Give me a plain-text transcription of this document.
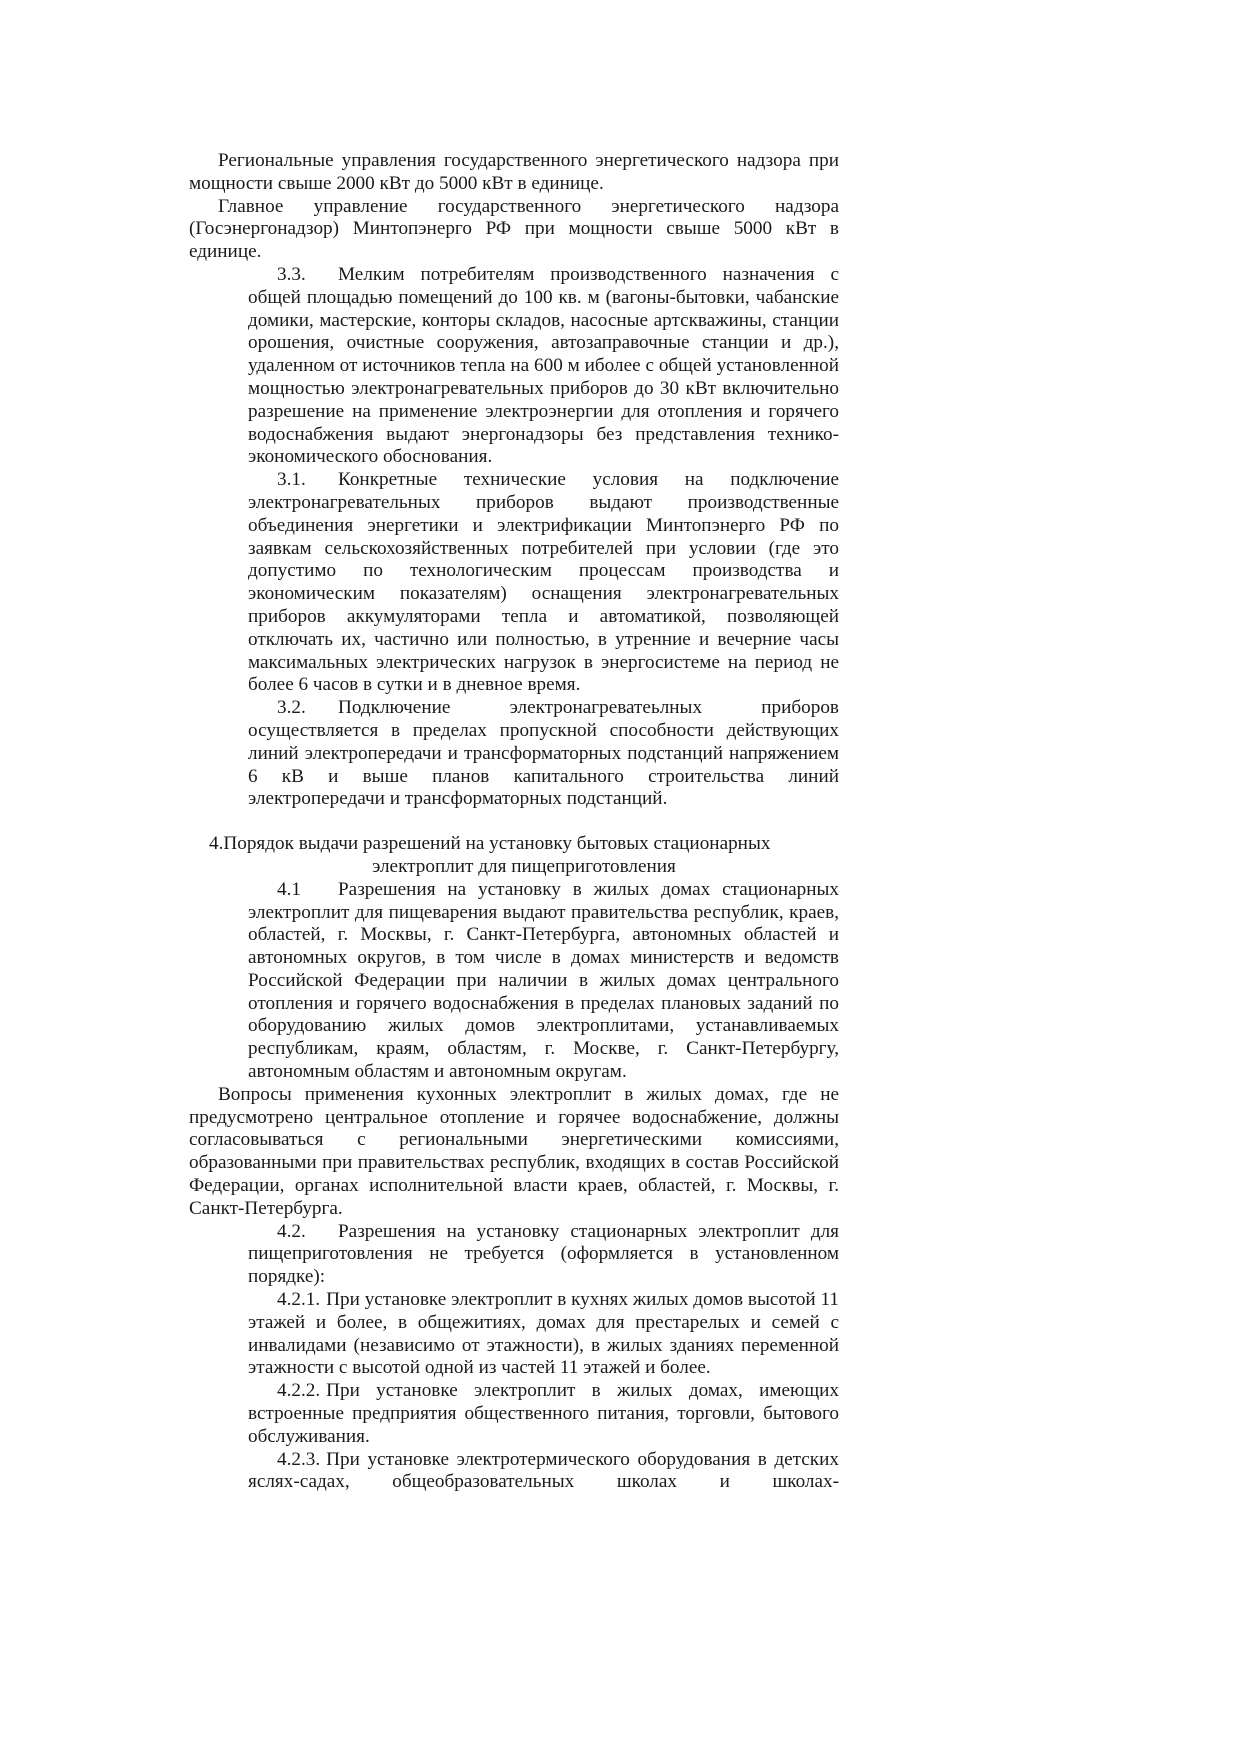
Региональные управления государственного энергетического надзора при мощности свыше 2000 кВт до 5000 кВт в единице.

Главное управление государственного энергетического надзора (Госэнергонадзор) Минтопэнерго РФ при мощности свыше 5000 кВт в единице.

3.3. Мелким потребителям производственного назначения с общей площадью помещений до 100 кв. м (вагоны-бытовки, чабанские домики, мастерские, конторы складов, насосные артскважины, станции орошения, очистные сооружения, автозаправочные станции и др.), удаленном от источников тепла на 600 м иболее с общей установленной мощностью электронагревательных приборов до 30 кВт включительно разрешение на применение электроэнергии для отопления и горячего водоснабжения выдают энергонадзоры без представления технико-экономического обоснования.

3.1. Конкретные технические условия на подключение электронагревательных приборов выдают производственные объединения энергетики и электрификации Минтопэнерго РФ по заявкам сельскохозяйственных потребителей при условии (где это допустимо по технологическим процессам производства и экономическим показателям) оснащения электронагревательных приборов аккумуляторами тепла и автоматикой, позволяющей отключать их, частично или полностью, в утренние и вечерние часы максимальных электрических нагрузок в энергосистеме на период не более 6 часов в сутки и в дневное время.

3.2. Подключение электронагреватеьлных приборов осуществляется в пределах пропускной способности действующих линий электропередачи и трансформаторных подстанций напряжением 6 кВ и выше планов капитального строительства линий электропередачи и трансформаторных подстанций.

4.Порядок выдачи разрешений на установку бытовых стационарных
электроплит для пищеприготовления

4.1 Разрешения на установку в жилых домах стационарных электроплит для пищеварения выдают правительства республик, краев, областей, г. Москвы, г. Санкт-Петербурга, автономных областей и автономных округов, в том числе в домах министерств и ведомств Российской Федерации при наличии в жилых домах центрального отопления и горячего водоснабжения в пределах плановых заданий по оборудованию жилых домов электроплитами, устанавливаемых республикам, краям, областям, г. Москве, г. Санкт-Петербургу, автономным областям и автономным округам.

Вопросы применения кухонных электроплит в жилых домах, где не предусмотрено центральное отопление и горячее водоснабжение, должны согласовываться с региональными энергетическими комиссиями, образованными при правительствах республик, входящих в состав Российской Федерации, органах исполнительной власти краев, областей, г. Москвы, г. Санкт-Петербурга.

4.2. Разрешения на установку стационарных электроплит для пищеприготовления не требуется (оформляется в установленном порядке):

4.2.1. При установке электроплит в кухнях жилых домов высотой 11 этажей и более, в общежитиях, домах для престарелых и семей с инвалидами (независимо от этажности), в жилых зданиях переменной этажности с высотой одной из частей 11 этажей и более.

4.2.2. При установке электроплит в жилых домах, имеющих встроенные предприятия общественного питания, торговли, бытового обслуживания.

4.2.3. При установке электротермического оборудования в детских яслях-садах, общеобразовательных школах и школах-
